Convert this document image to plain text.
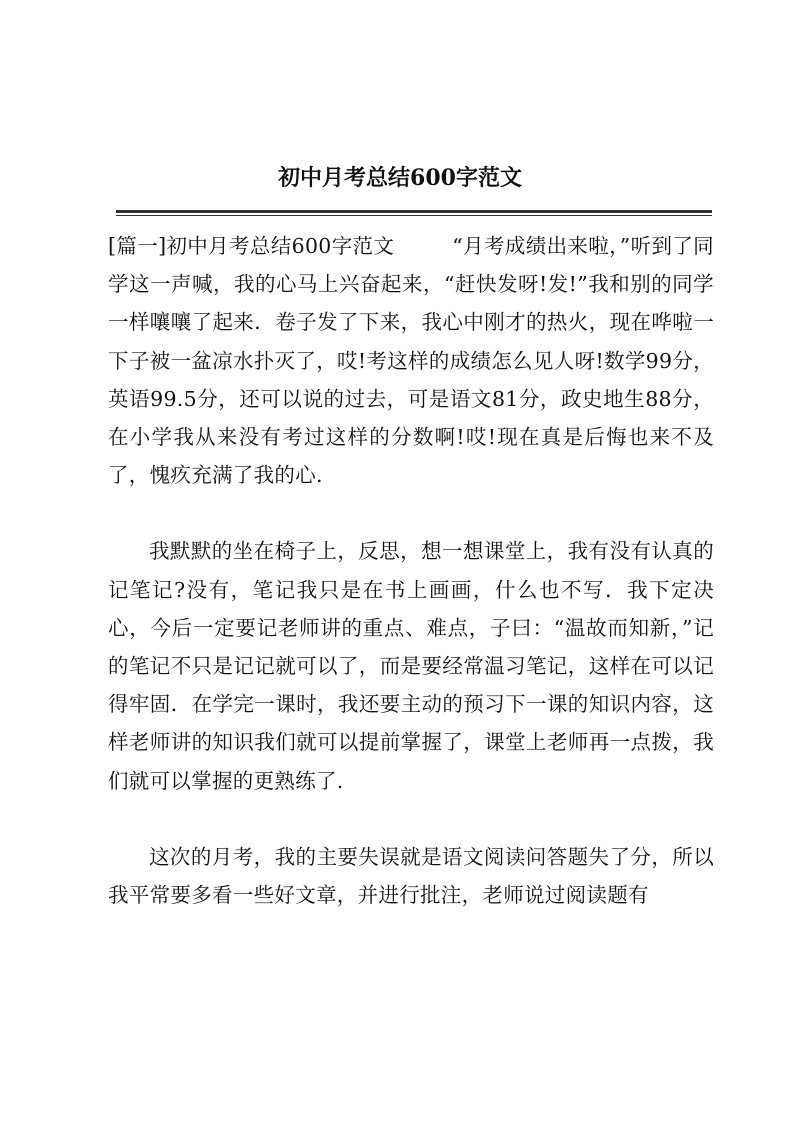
初中月考总结600字范文

[篇一]初中月考总结600字范文	“月考成绩出来啦，”听到了同学这一声喊，我的心马上兴奋起来，“赶快发呀!发!”我和别的同学一样嚷嚷了起来．卷子发了下来，我心中刚才的热火，现在哗啦一下子被一盆凉水扑灭了，哎!考这样的成绩怎么见人呀!数学99分，英语99.5分，还可以说的过去，可是语文81分，政史地生88分，在小学我从来没有考过这样的分数啊!哎!现在真是后悔也来不及了，愧疚充满了我的心.

我默默的坐在椅子上，反思，想一想课堂上，我有没有认真的记笔记?没有，笔记我只是在书上画画，什么也不写．我下定决心，今后一定要记老师讲的重点、难点，子曰：“温故而知新，”记的笔记不只是记记就可以了，而是要经常温习笔记，这样在可以记得牢固．在学完一课时，我还要主动的预习下一课的知识内容，这样老师讲的知识我们就可以提前掌握了，课堂上老师再一点拨，我们就可以掌握的更熟练了.

这次的月考，我的主要失误就是语文阅读问答题失了分，所以我平常要多看一些好文章，并进行批注，老师说过阅读题有
